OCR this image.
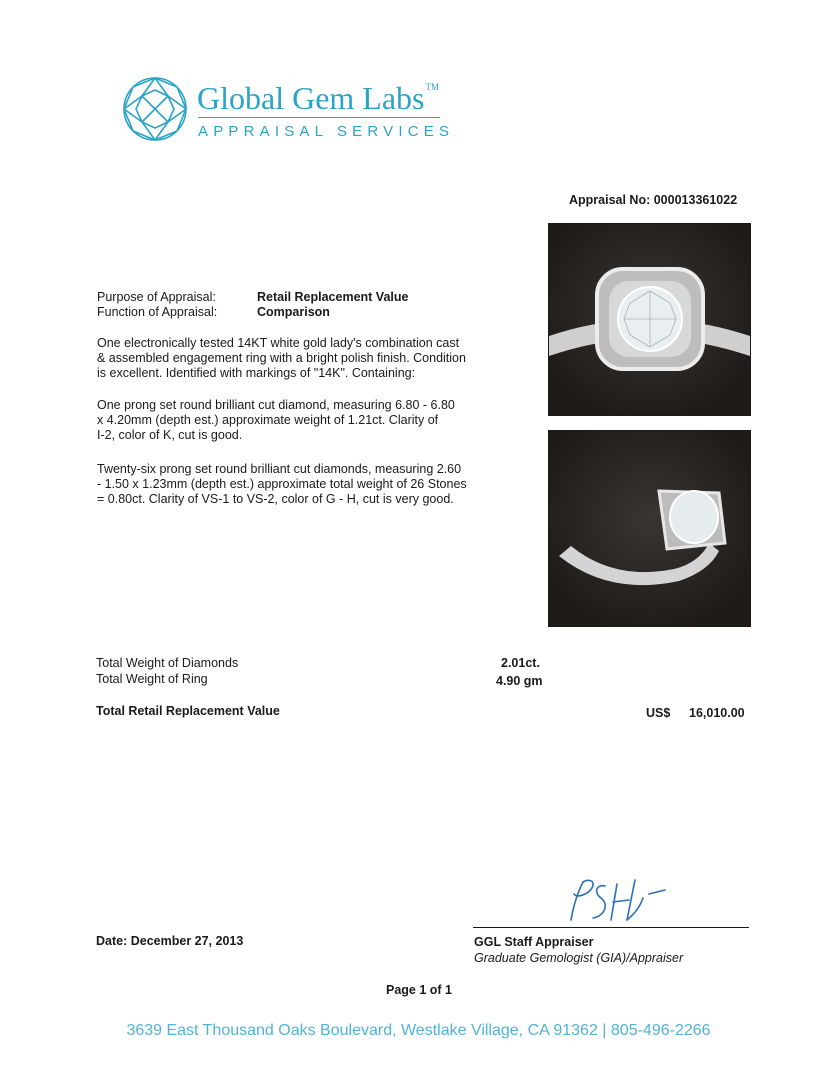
Global Gem Labs™
APPRAISAL SERVICES
Appraisal No: 000013361022
Purpose of Appraisal:	Retail Replacement Value
Function of Appraisal:	Comparison
One electronically tested 14KT white gold lady's combination cast
& assembled engagement ring with a bright polish finish. Condition
is excellent. Identified with markings of "14K". Containing:
One prong set round brilliant cut diamond, measuring 6.80 - 6.80
x 4.20mm (depth est.) approximate weight of 1.21ct. Clarity of
I-2, color of K, cut is good.
Twenty-six prong set round brilliant cut diamonds, measuring 2.60
- 1.50 x 1.23mm (depth est.) approximate total weight of 26 Stones
= 0.80ct. Clarity of VS-1 to VS-2, color of G - H, cut is very good.
Total Weight of Diamonds	2.01ct.
Total Weight of Ring	4.90 gm
Total Retail Replacement Value	US$ 16,010.00
GGL Staff Appraiser
Graduate Gemologist (GIA)/Appraiser
Date: December 27, 2013
Page 1 of 1
3639 East Thousand Oaks Boulevard, Westlake Village, CA 91362 | 805-496-2266
